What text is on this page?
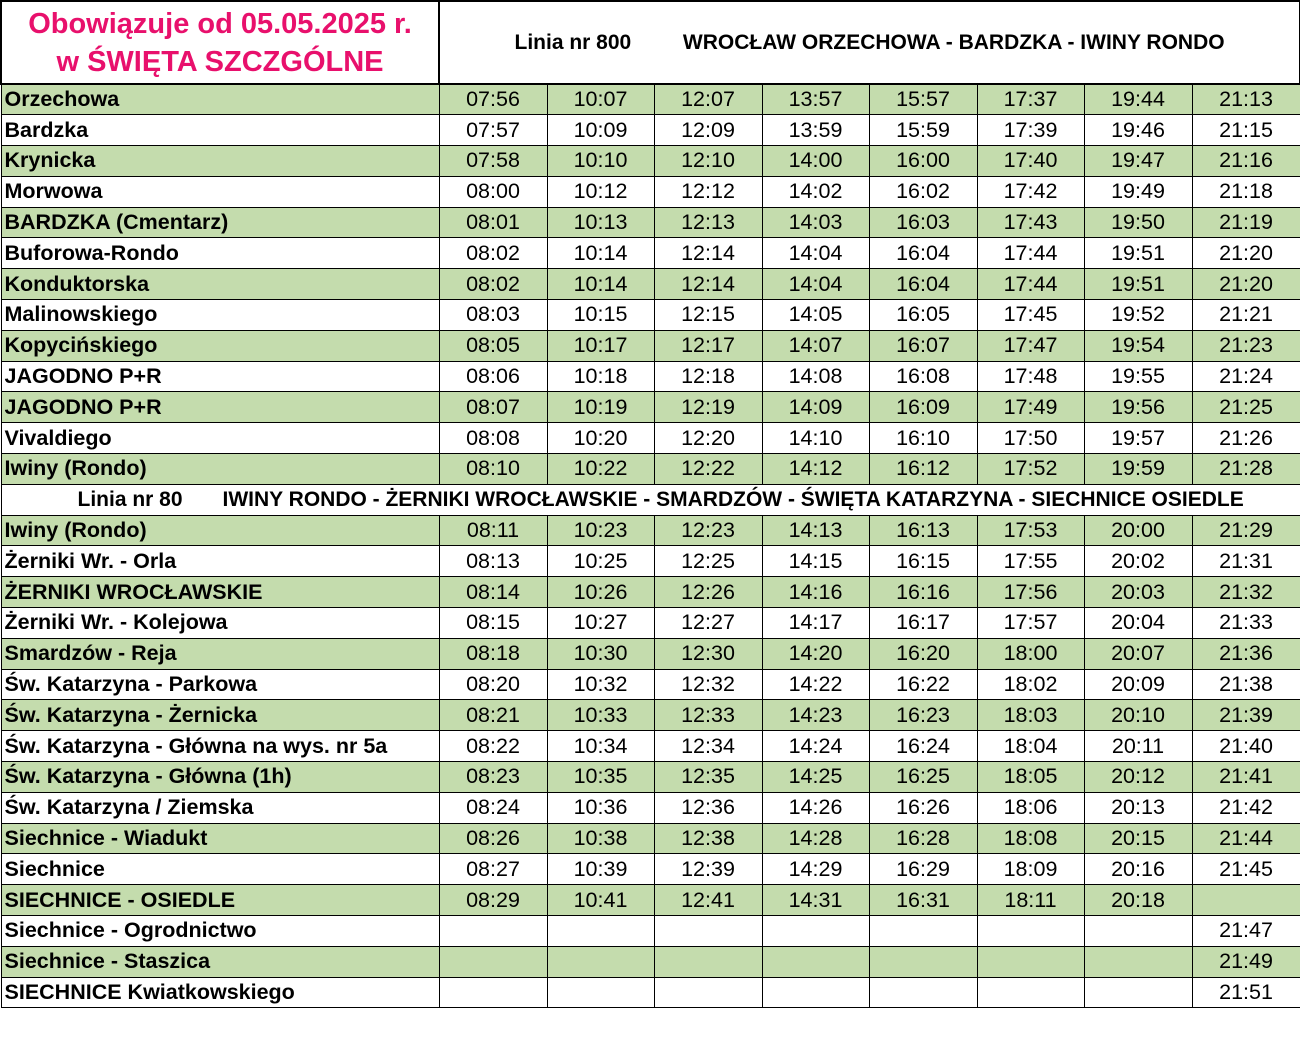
Obowiązuje od 05.05.2025 r.
w ŚWIĘTA SZCZGÓLNE	Linia nr 800 WROCŁAW ORZECHOWA - BARDZKA - IWINY RONDO							
Orzechowa	07:56	10:07	12:07	13:57	15:57	17:37	19:44	21:13
Bardzka	07:57	10:09	12:09	13:59	15:59	17:39	19:46	21:15
Krynicka	07:58	10:10	12:10	14:00	16:00	17:40	19:47	21:16
Morwowa	08:00	10:12	12:12	14:02	16:02	17:42	19:49	21:18
BARDZKA (Cmentarz)	08:01	10:13	12:13	14:03	16:03	17:43	19:50	21:19
Buforowa-Rondo	08:02	10:14	12:14	14:04	16:04	17:44	19:51	21:20
Konduktorska	08:02	10:14	12:14	14:04	16:04	17:44	19:51	21:20
Malinowskiego	08:03	10:15	12:15	14:05	16:05	17:45	19:52	21:21
Kopycińskiego	08:05	10:17	12:17	14:07	16:07	17:47	19:54	21:23
JAGODNO P+R	08:06	10:18	12:18	14:08	16:08	17:48	19:55	21:24
JAGODNO P+R	08:07	10:19	12:19	14:09	16:09	17:49	19:56	21:25
Vivaldiego	08:08	10:20	12:20	14:10	16:10	17:50	19:57	21:26
Iwiny (Rondo)	08:10	10:22	12:22	14:12	16:12	17:52	19:59	21:28
Linia nr 80 IWINY RONDO - ŻERNIKI WROCŁAWSKIE - SMARDZÓW - ŚWIĘTA KATARZYNA - SIECHNICE OSIEDLE								
Iwiny (Rondo)	08:11	10:23	12:23	14:13	16:13	17:53	20:00	21:29
Żerniki Wr. - Orla	08:13	10:25	12:25	14:15	16:15	17:55	20:02	21:31
ŻERNIKI WROCŁAWSKIE	08:14	10:26	12:26	14:16	16:16	17:56	20:03	21:32
Żerniki Wr. - Kolejowa	08:15	10:27	12:27	14:17	16:17	17:57	20:04	21:33
Smardzów - Reja	08:18	10:30	12:30	14:20	16:20	18:00	20:07	21:36
Św. Katarzyna - Parkowa	08:20	10:32	12:32	14:22	16:22	18:02	20:09	21:38
Św. Katarzyna - Żernicka	08:21	10:33	12:33	14:23	16:23	18:03	20:10	21:39
Św. Katarzyna - Główna na wys. nr 5a	08:22	10:34	12:34	14:24	16:24	18:04	20:11	21:40
Św. Katarzyna - Główna (1h)	08:23	10:35	12:35	14:25	16:25	18:05	20:12	21:41
Św. Katarzyna / Ziemska	08:24	10:36	12:36	14:26	16:26	18:06	20:13	21:42
Siechnice - Wiadukt	08:26	10:38	12:38	14:28	16:28	18:08	20:15	21:44
Siechnice	08:27	10:39	12:39	14:29	16:29	18:09	20:16	21:45
SIECHNICE - OSIEDLE	08:29	10:41	12:41	14:31	16:31	18:11	20:18	
Siechnice - Ogrodnictwo								21:47
Siechnice - Staszica								21:49
SIECHNICE Kwiatkowskiego								21:51
